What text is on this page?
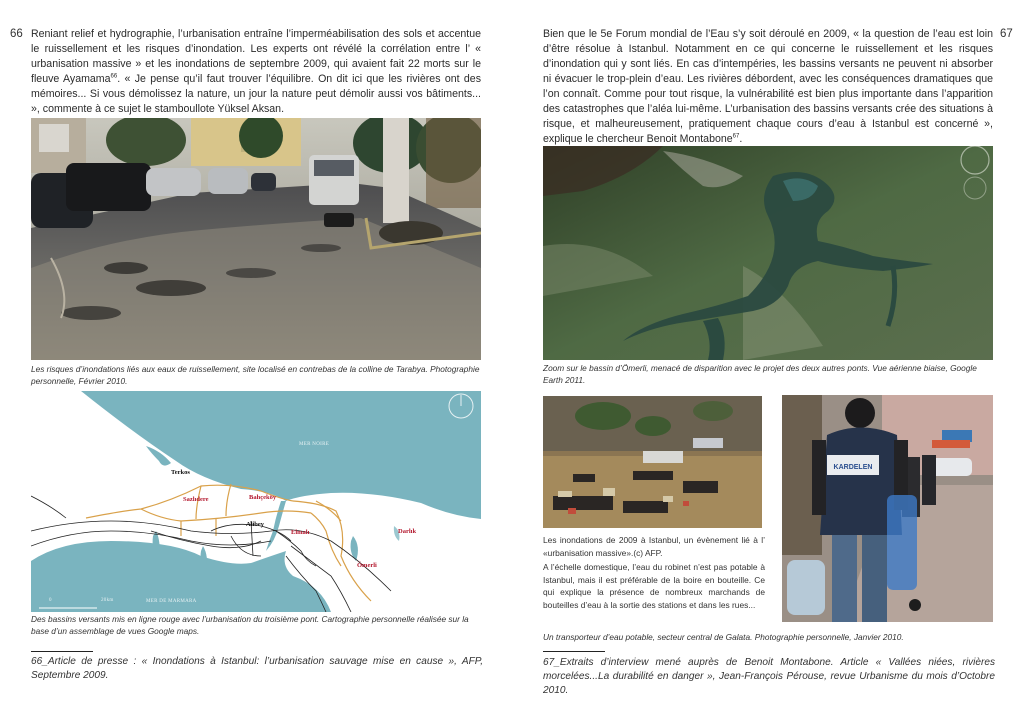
66 Reniant relief et hydrographie, l’urbanisation entraîne l’imperméabilisation des sols et accentue le ruissellement et les risques d’inondation. Les experts ont révélé la corrélation entre l’ « urbanisation massive » et les inondations de septembre 2009, qui avaient fait 22 morts sur le fleuve Ayamama$^{66}$. « Je pense qu’il faut trouver l’équilibre. On dit ici que les rivières ont des mémoires... Si vous démolissez la nature, un jour la nature peut démolir aussi vos bâtiments... », commente à ce sujet le stamboullote Yüksel Aksan.
Les risques d’inondations liés aux eaux de ruissellement, site localisé en contrebas de la colline de Tarabya. Photographie personnelle, Février 2010.
MER NOIRE
MER DE MARMARA
0	20km
Terkos
Alibey
Sazlıdere	Bahçeköy
Elmalı	Darlık
Ömerli
Des bassins versants mis en ligne rouge avec l’urbanisation du troisième pont. Cartographie personnelle réalisée sur la base d’un assemblage de vues Google maps.
66_Article de presse : « Inondations à Istanbul: l’urbanisation sauvage mise en cause », AFP, Septembre 2009.
67
Bien que le 5e Forum mondial de l’Eau s’y soit déroulé en 2009, « la question de l’eau est loin d’être résolue à Istanbul. Notamment en ce qui concerne le ruissellement et les risques d’inondation qui y sont liés. En cas d’intempéries, les bassins versants ne peuvent ni absorber ni évacuer le trop-plein d’eau. Les rivières débordent, avec les conséquences dramatiques que l’on connaît. Comme pour tout risque, la vulnérabilité est bien plus importante dans l’apparition des catastrophes que l’aléa lui-même. L’urbanisation des bassins versants crée des situations à risque, et malheureusement, pratiquement chaque cours d’eau à Istanbul est concerné », explique le chercheur Benoit Montabone$^{67}$.
Zoom sur le bassin d’Ömerli, menacé de disparition avec le projet des deux autres ponts. Vue aérienne biaise, Google Earth 2011.
Les inondations de 2009 à Istanbul, un évènement lié à l’ «urbanisation massive».(c) AFP.
A l’échelle domestique, l’eau du robinet n’est pas potable à Istanbul, mais il est préférable de la boire en bouteille. Ce qui explique la présence de nombreux marchands de bouteilles d’eau à la sortie des stations et dans les rues...
KARDELEN
Un transporteur d’eau potable, secteur central de Galata. Photographie personnelle, Janvier 2010.
67_Extraits d’interview mené auprès de Benoit Montabone. Article « Vallées niées, rivières morcelées...La durabilité en danger », Jean-François Pérouse, revue Urbanisme du mois d’Octobre 2010.
